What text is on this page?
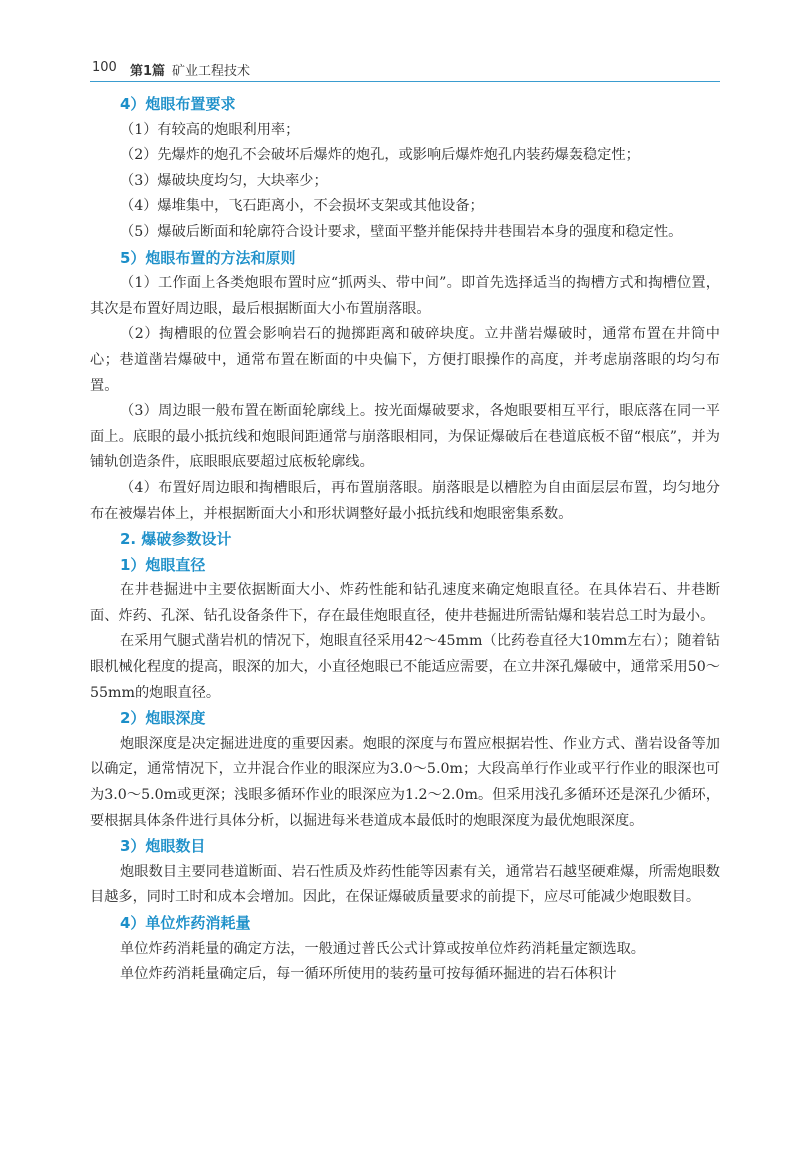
100 第1篇 矿业工程技术
4）炮眼布置要求
（1）有较高的炮眼利用率；
（2）先爆炸的炮孔不会破坏后爆炸的炮孔，或影响后爆炸炮孔内装药爆轰稳定性；
（3）爆破块度均匀，大块率少；
（4）爆堆集中，飞石距离小，不会损坏支架或其他设备；
（5）爆破后断面和轮廓符合设计要求，壁面平整并能保持井巷围岩本身的强度和稳定性。
5）炮眼布置的方法和原则
（1）工作面上各类炮眼布置时应“抓两头、带中间”。即首先选择适当的掏槽方式和掏槽位置，其次是布置好周边眼，最后根据断面大小布置崩落眼。
（2）掏槽眼的位置会影响岩石的抛掷距离和破碎块度。立井凿岩爆破时，通常布置在井筒中心；巷道凿岩爆破中，通常布置在断面的中央偏下，方便打眼操作的高度，并考虑崩落眼的均匀布置。
（3）周边眼一般布置在断面轮廓线上。按光面爆破要求，各炮眼要相互平行，眼底落在同一平面上。底眼的最小抵抗线和炮眼间距通常与崩落眼相同，为保证爆破后在巷道底板不留“根底”，并为铺轨创造条件，底眼眼底要超过底板轮廓线。
（4）布置好周边眼和掏槽眼后，再布置崩落眼。崩落眼是以槽腔为自由面层层布置，均匀地分布在被爆岩体上，并根据断面大小和形状调整好最小抵抗线和炮眼密集系数。
2. 爆破参数设计
1）炮眼直径
在井巷掘进中主要依据断面大小、炸药性能和钻孔速度来确定炮眼直径。在具体岩石、井巷断面、炸药、孔深、钻孔设备条件下，存在最佳炮眼直径，使井巷掘进所需钻爆和装岩总工时为最小。
在采用气腿式凿岩机的情况下，炮眼直径采用42～45mm（比药卷直径大10mm左右）；随着钻眼机械化程度的提高，眼深的加大，小直径炮眼已不能适应需要，在立井深孔爆破中，通常采用50～55mm的炮眼直径。
2）炮眼深度
炮眼深度是决定掘进进度的重要因素。炮眼的深度与布置应根据岩性、作业方式、凿岩设备等加以确定，通常情况下，立井混合作业的眼深应为3.0～5.0m；大段高单行作业或平行作业的眼深也可为3.0～5.0m或更深；浅眼多循环作业的眼深应为1.2～2.0m。但采用浅孔多循环还是深孔少循环，要根据具体条件进行具体分析，以掘进每米巷道成本最低时的炮眼深度为最优炮眼深度。
3）炮眼数目
炮眼数目主要同巷道断面、岩石性质及炸药性能等因素有关，通常岩石越坚硬难爆，所需炮眼数目越多，同时工时和成本会增加。因此，在保证爆破质量要求的前提下，应尽可能减少炮眼数目。
4）单位炸药消耗量
单位炸药消耗量的确定方法，一般通过普氏公式计算或按单位炸药消耗量定额选取。
单位炸药消耗量确定后，每一循环所使用的装药量可按每循环掘进的岩石体积计
